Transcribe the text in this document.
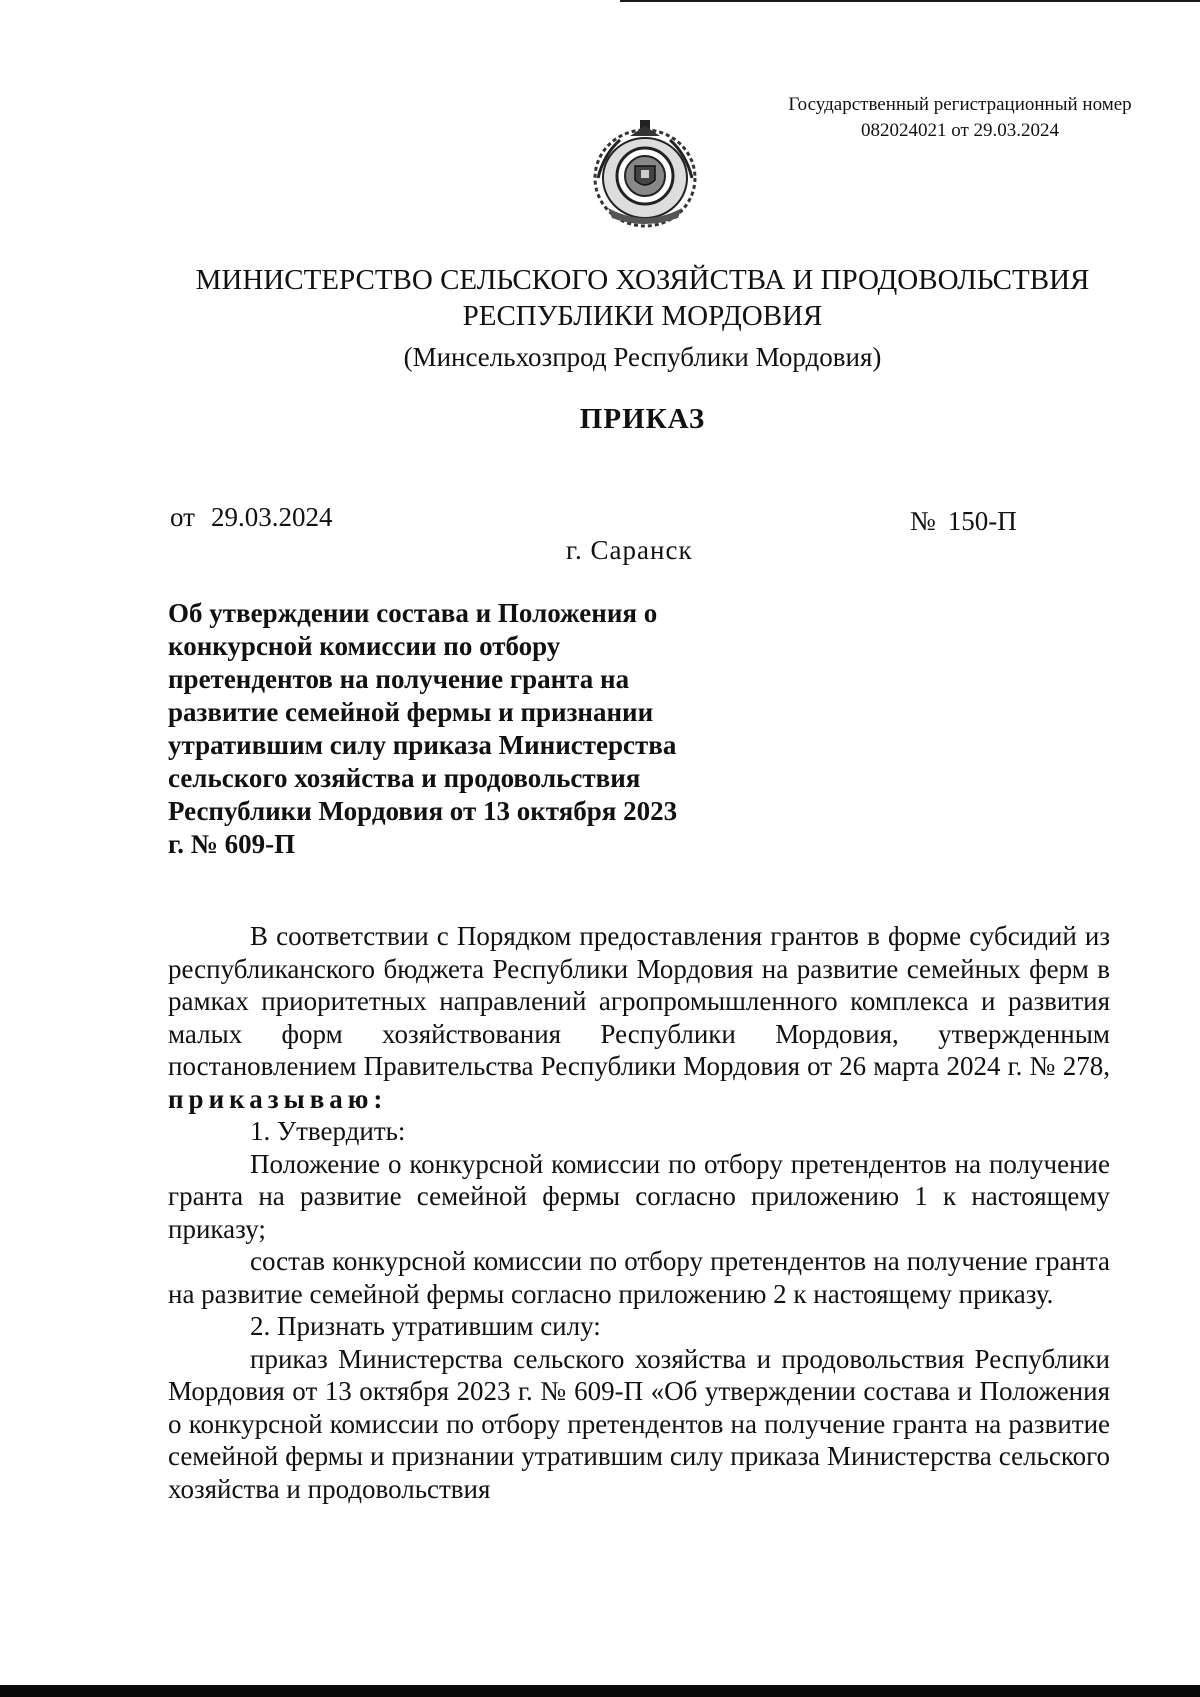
Государственный регистрационный номер
082024021 от 29.03.2024
МИНИСТЕРСТВО СЕЛЬСКОГО ХОЗЯЙСТВА И ПРОДОВОЛЬСТВИЯ
РЕСПУБЛИКИ МОРДОВИЯ
(Минсельхозпрод Республики Мордовия)
ПРИКАЗ
от 29.03.2024	№ 150-П
г. Саранск
Об утверждении состава и Положения о конкурсной комиссии по отбору претендентов на получение гранта на развитие семейной фермы и признании утратившим силу приказа Министерства сельского хозяйства и продовольствия Республики Мордовия от 13 октября 2023 г. № 609-П

В соответствии с Порядком предоставления грантов в форме субсидий из республиканского бюджета Республики Мордовия на развитие семейных ферм в рамках приоритетных направлений агропромышленного комплекса и развития малых форм хозяйствования Республики Мордовия, утвержденным постановлением Правительства Республики Мордовия от 26 марта 2024 г. № 278, приказываю:

1. Утвердить:

Положение о конкурсной комиссии по отбору претендентов на получение гранта на развитие семейной фермы согласно приложению 1 к настоящему приказу;

состав конкурсной комиссии по отбору претендентов на получение гранта на развитие семейной фермы согласно приложению 2 к настоящему приказу.

2. Признать утратившим силу:

приказ Министерства сельского хозяйства и продовольствия Республики Мордовия от 13 октября 2023 г. № 609-П «Об утверждении состава и Положения о конкурсной комиссии по отбору претендентов на получение гранта на развитие семейной фермы и признании утратившим силу приказа Министерства сельского хозяйства и продовольствия
